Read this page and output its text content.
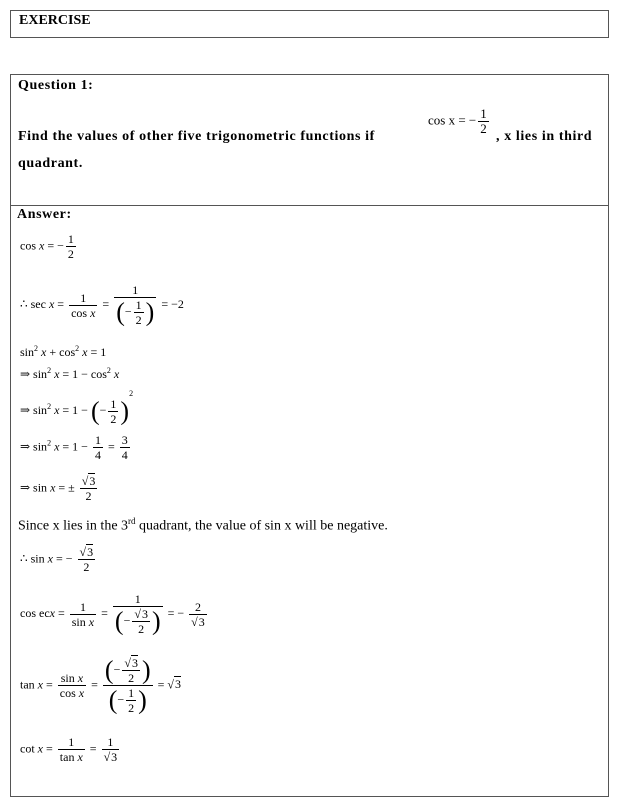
EXERCISE
Question 1:
Find the values of other five trigonometric functions if
cos x = − $\frac{1}{2}$
, x lies in third
quadrant.
Answer:
cos x = − $\frac{1}{2}$
∴ $\sec x = \frac{1}{\text{cos x}} = \frac{1}{(- \frac{1}{2} )} = -2$
$\sin^2 x + \cos^2 x = 1$
⇒ $\sin^2 x = 1 - \cos^2 x$
⇒ $\sin^2 x = 1$ − (− $\frac{1}{2} )^2$
⇒ $\sin^2 x = 1 - \frac{1}{4} = \frac{3}{4}$
⇒ sin x = ± $\frac{√3}{2}$
Since x lies in the 3rd quadrant, the value of sin x will be negative.
∴ sin x = − $\frac{√3}{2}$
cos ecx = $\frac{1}{\text{sin x}} = \frac{1}{(- \frac{√3}{2} )}$ = − $\frac{2}{√3}$
$\tan x = \frac{\text{sin x}}{\text{cos x}} = \frac{(- \frac{√3}{2} )}{(- \frac{1}{2} )} = √3$
$\cot x = \frac{1}{\text{tan x}} = \frac{1}{√3}$
